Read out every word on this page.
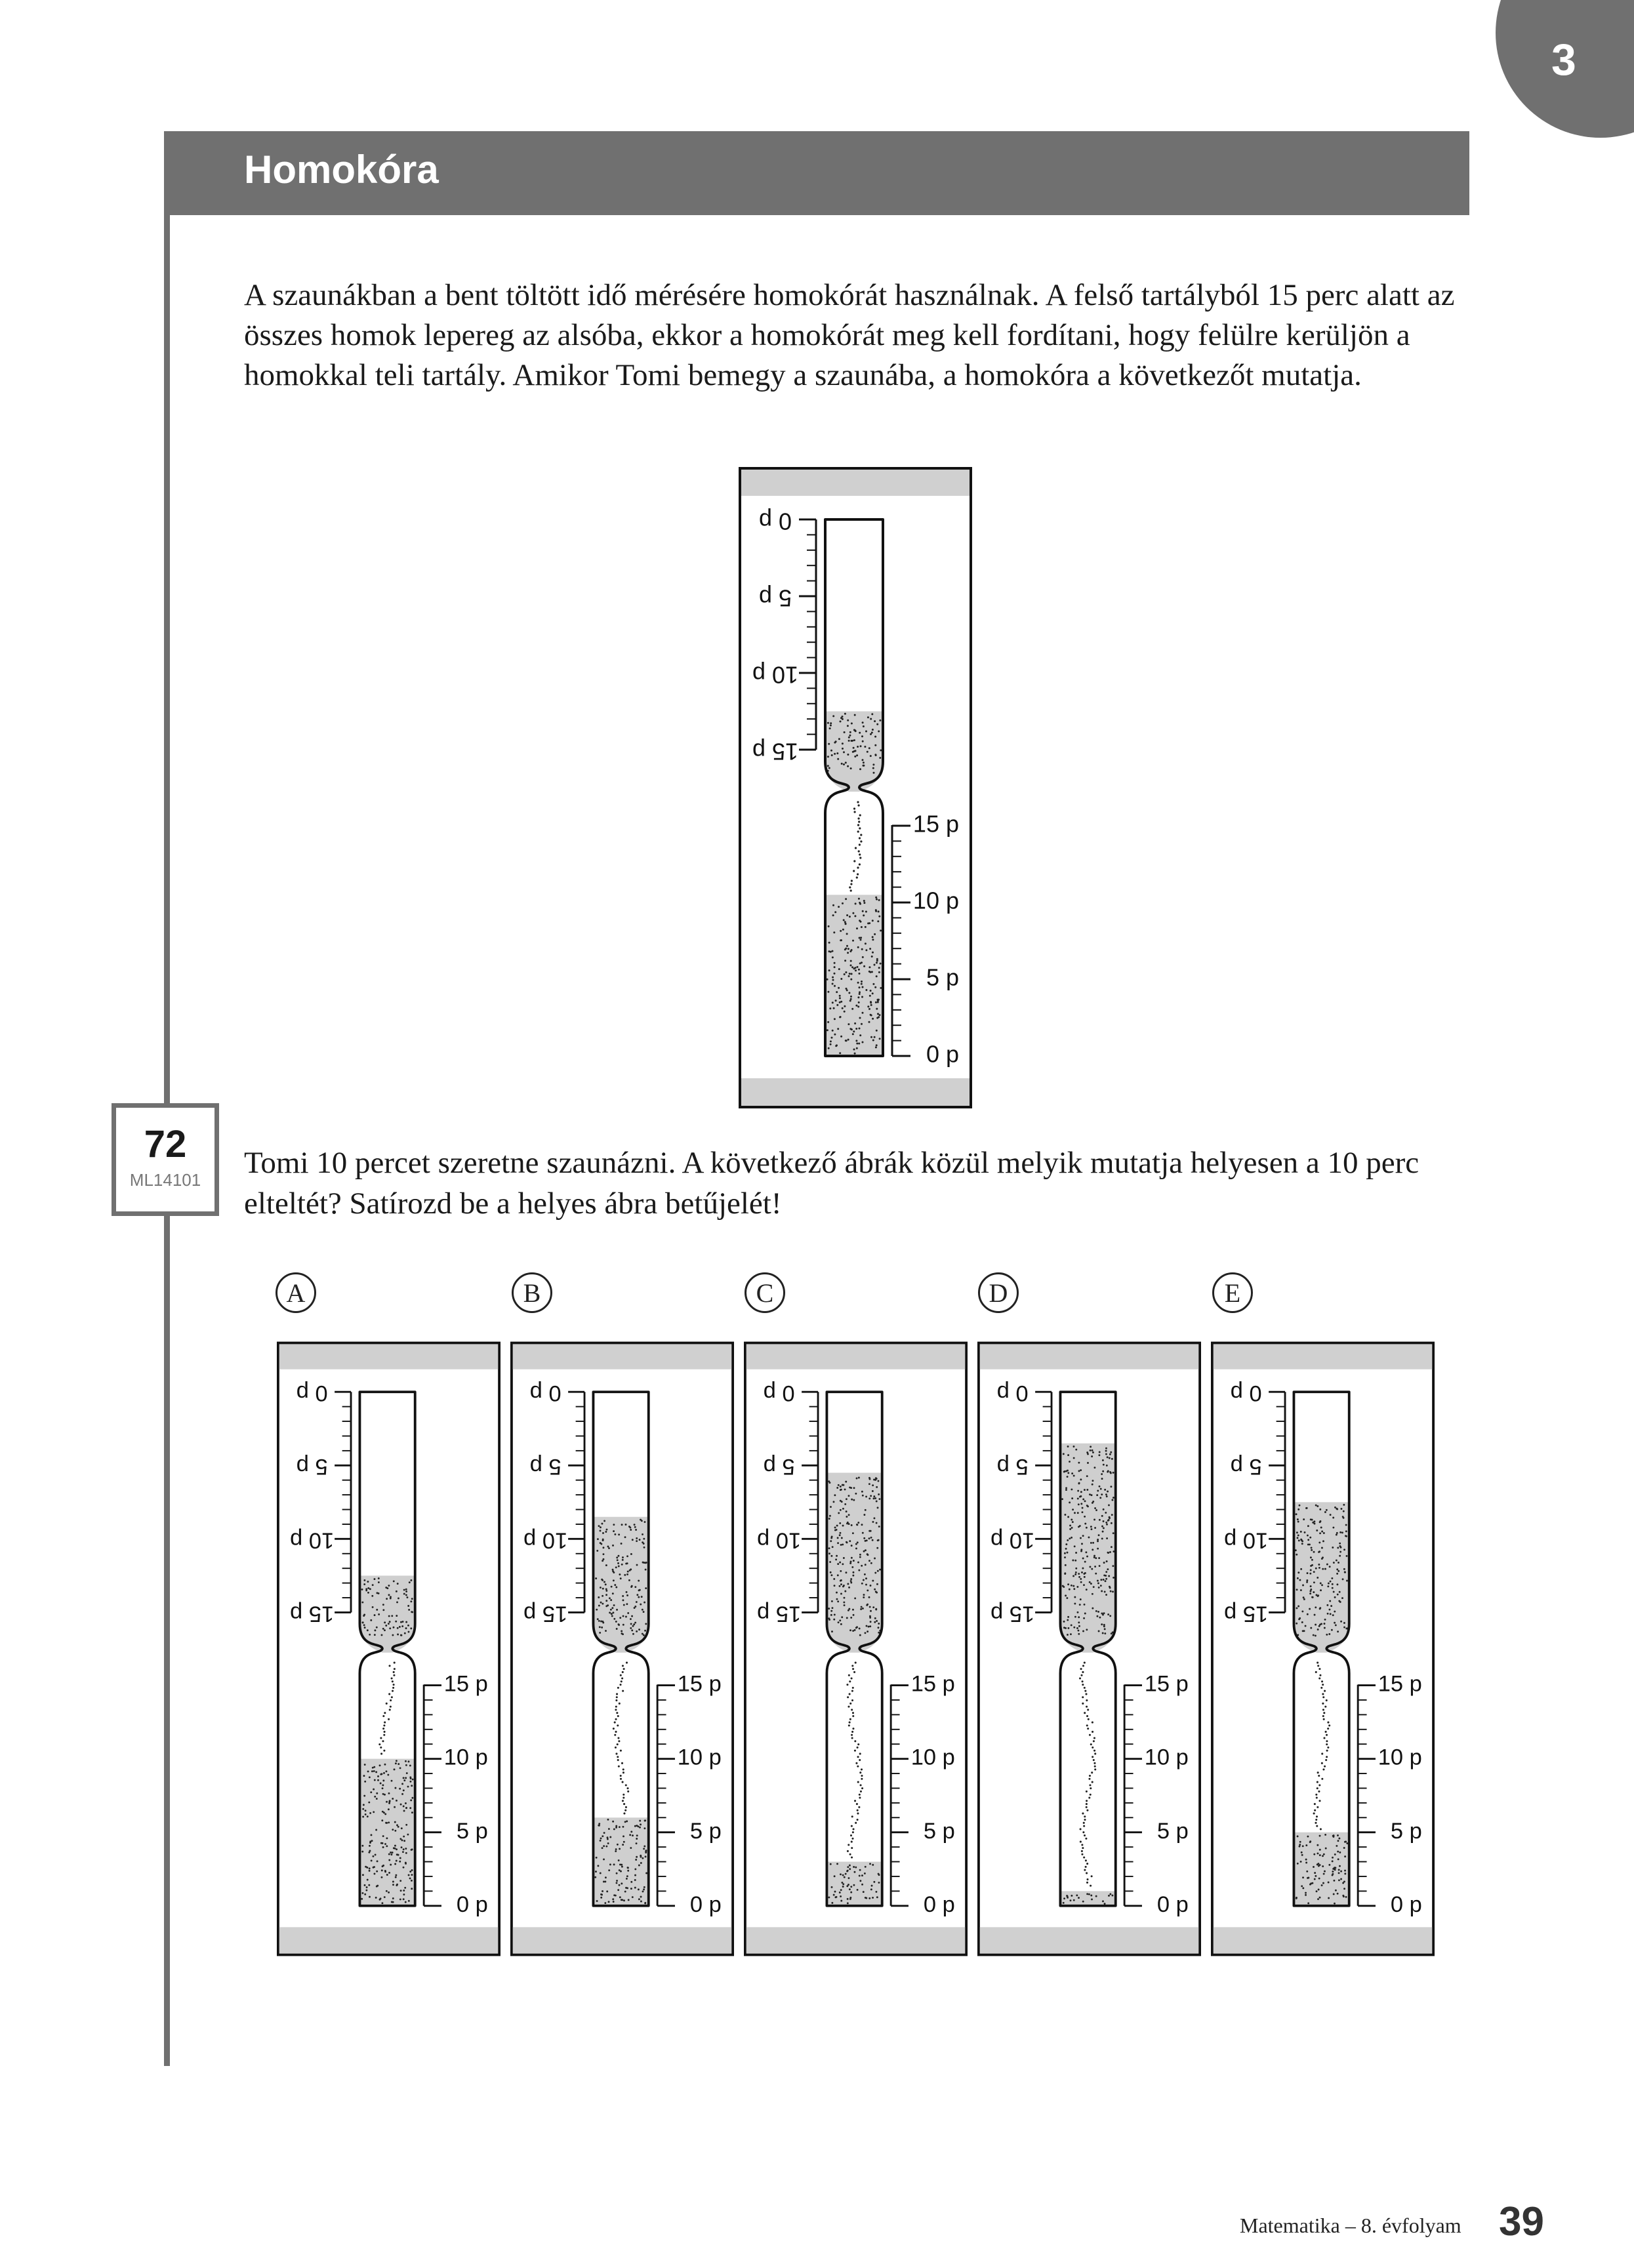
3
Homokóra

A szaunákban a bent töltött idő mérésére homokórát használnak. A felső tartályból 15 perc alatt az összes homok lepereg az alsóba, ekkor a homokórát meg kell fordítani, hogy felülre kerüljön a homokkal teli tartály. Amikor Tomi bemegy a szaunába, a homokóra a következőt mutatja.

0 p
5 p
10 p
15 p
0 p
5 p
10 p
15 p
72
ML14101	Tomi 10 percet szeretne szaunázni. A következő ábrák közül melyik mutatja helyesen a 10 perc elteltét? Satírozd be a helyes ábra betűjelét!

A	B	C	D	E
0 p
5 p
10 p
15 p
0 p
5 p
10 p
15 p
0 p
5 p
10 p
15 p
0 p
5 p
10 p
15 p
0 p
5 p
10 p
15 p
0 p
5 p
10 p
15 p
0 p
5 p
10 p
15 p
0 p
5 p
10 p
15 p
0 p
5 p
10 p
15 p
0 p
5 p
10 p
15 p
Matematika – 8. évfolyam 39
